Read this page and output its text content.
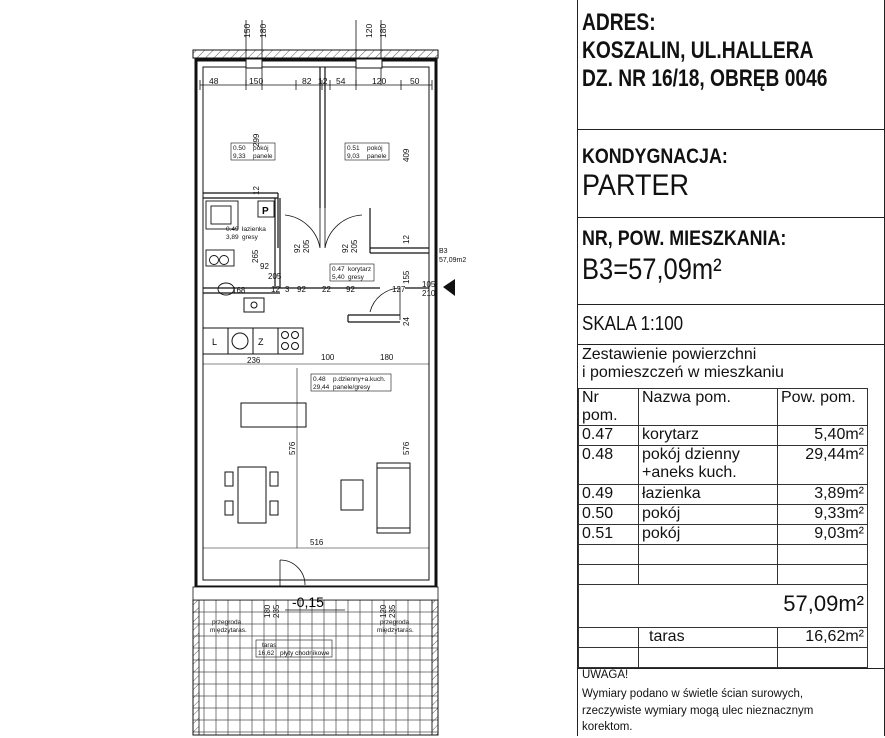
150 180	120 180
48	150	82 12 54	120	50
P
L	Z
0.50 pokój
9,33 panele
0.51 pokój
9,03 panele
0.49 łazienka
3,89 gresy
0.47 korytarz
5,40 gresy
0.48 p.dzienny+a.kuch.
29,44 panele/gresy
B3
57,09m2
299
409
12
12
92 205	92 205
265
92
205
168	12 3 92 22 92	127
105
210
155
24
236	100	180
576	576
516
-0,15
ADRES:
KOSZALIN, UL.HALLERA
DZ. NR 16/18, OBRĘB 0046
KONDYGNACJA:
PARTER
NR, POW. MIESZKANIA:
B3=57,09m²
SKALA 1:100
Zestawienie powierzchni
i pomieszczeń w mieszkaniu
Nr pom.	Nazwa pom.	Pow. pom.
0.47	korytarz	5,40m²
0.48	pokój dzienny
+aneks kuch.	29,44m²
0.49	łazienka	3,89m²
0.50	pokój	9,33m²
0.51	pokój	9,03m²

57,09m²		
	taras	16,62m²

UWAGA!
Wymiary podano w świetle ścian surowych,
rzeczywiste wymiary mogą ulec nieznacznym
korektom.
